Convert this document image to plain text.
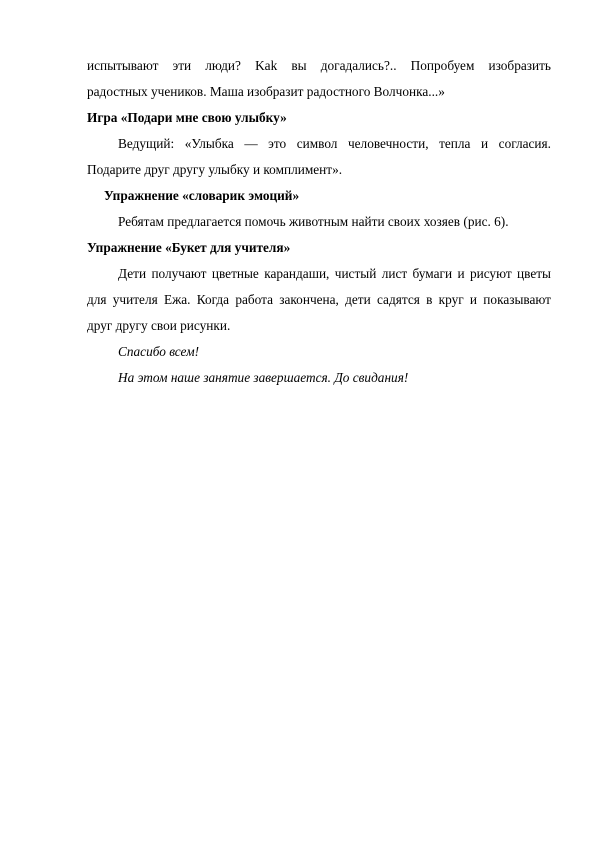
испытывают эти люди? Kak вы догадались?.. Попробуем изобразить
радостных учеников. Маша изобразит радостного Волчонка...»
Игра «Подари мне свою улыбку»
Ведущий: «Улыбка — это символ человечности, тепла и согласия.
Подарите друг другу улыбку и комплимент».
Упражнение «словарик эмоций»
Ребятам предлагается помочь животным найти своих хозяев (рис. 6).
Упражнение «Букет для учителя»
Дети получают цветные карандаши, чистый лист бумаги и рисуют цветы
для учителя Ежа. Когда работа закончена, дети садятся в круг и показывают
друг другу свои рисунки.
Спасибо всем!
На этом наше занятие завершается. До свидания!
